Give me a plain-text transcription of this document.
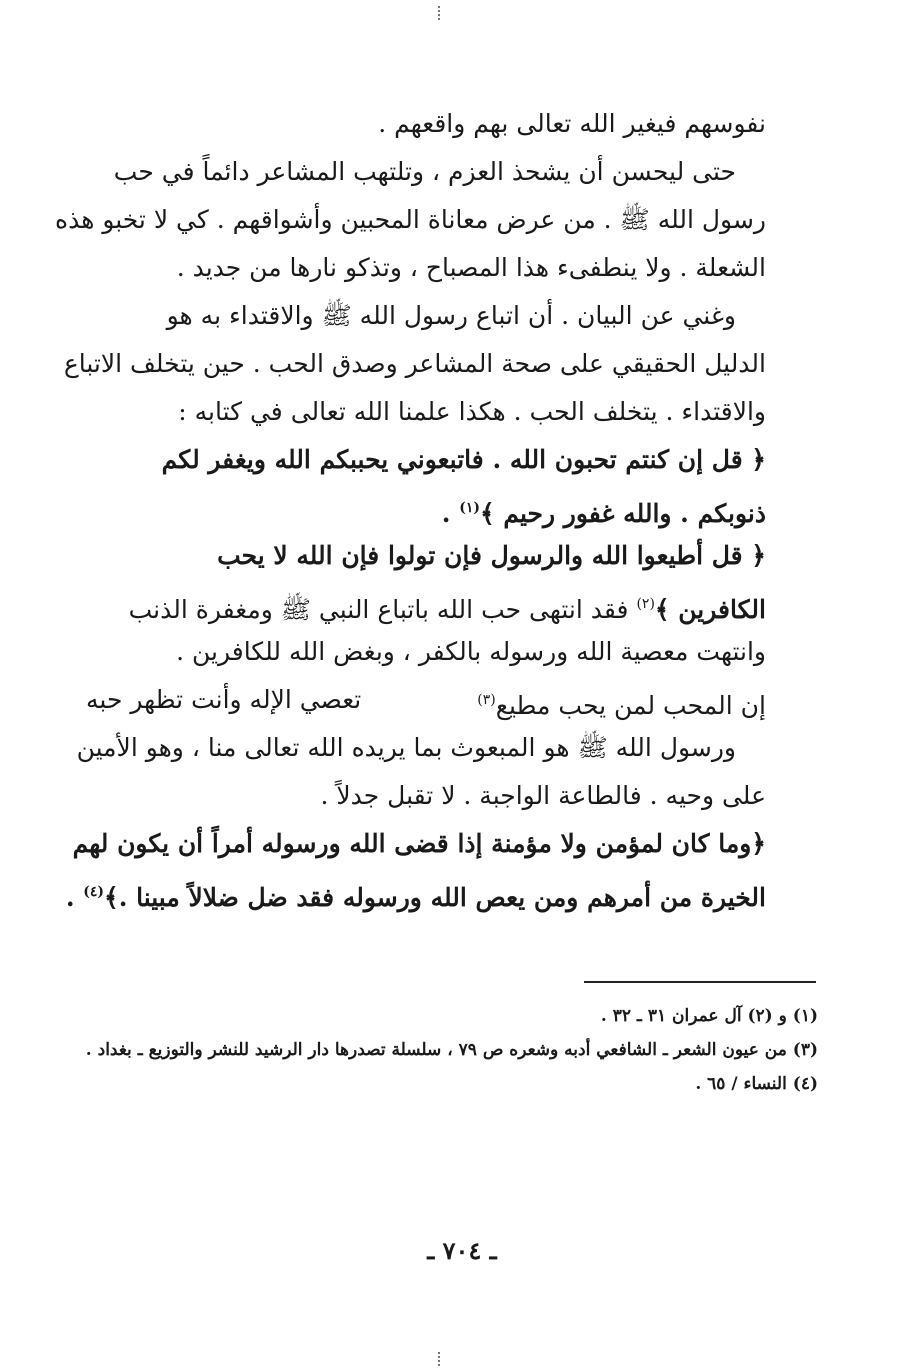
نفوسهم فيغير الله تعالى بهم واقعهم .
حتى ليحسن أن يشحذ العزم ، وتلتهب المشاعر دائماً في حب
رسول الله ﷺ . من عرض معاناة المحبين وأشواقهم . كي لا تخبو هذه
الشعلة . ولا ينطفىء هذا المصباح ، وتذكو نارها من جديد .
وغني عن البيان . أن اتباع رسول الله ﷺ والاقتداء به هو
الدليل الحقيقي على صحة المشاعر وصدق الحب . حين يتخلف الاتباع
والاقتداء . يتخلف الحب . هكذا علمنا الله تعالى في كتابه :
﴿ قل إن كنتم تحبون الله . فاتبعوني يحببكم الله ويغفر لكم
ذنوبكم . والله غفور رحيم ﴾$^{(١)}$ .
﴿ قل أطيعوا الله والرسول فإن تولوا فإن الله لا يحب
الكافرين ﴾$^{(٢)}$ فقد انتهى حب الله باتباع النبي ﷺ ومغفرة الذنب
وانتهت معصية الله ورسوله بالكفر ، وبغض الله للكافرين .
تعصي الإله وأنت تظهر حبه	إن المحب لمن يحب مطيع$^{(٣)}$
ورسول الله ﷺ هو المبعوث بما يريده الله تعالى منا ، وهو الأمين
على وحيه . فالطاعة الواجبة . لا تقبل جدلاً .
﴿وما كان لمؤمن ولا مؤمنة إذا قضى الله ورسوله أمراً أن يكون لهم
الخيرة من أمرهم ومن يعص الله ورسوله فقد ضل ضلالاً مبينا .﴾$^{(٤)}$ .
(١) و (٢) آل عمران ٣١ ـ ٣٢ .
(٣) من عيون الشعر ـ الشافعي أدبه وشعره ص ٧٩ ، سلسلة تصدرها دار الرشيد للنشر والتوزيع ـ بغداد .
(٤) النساء / ٦٥ .
ـ ٧٠٤ ـ
